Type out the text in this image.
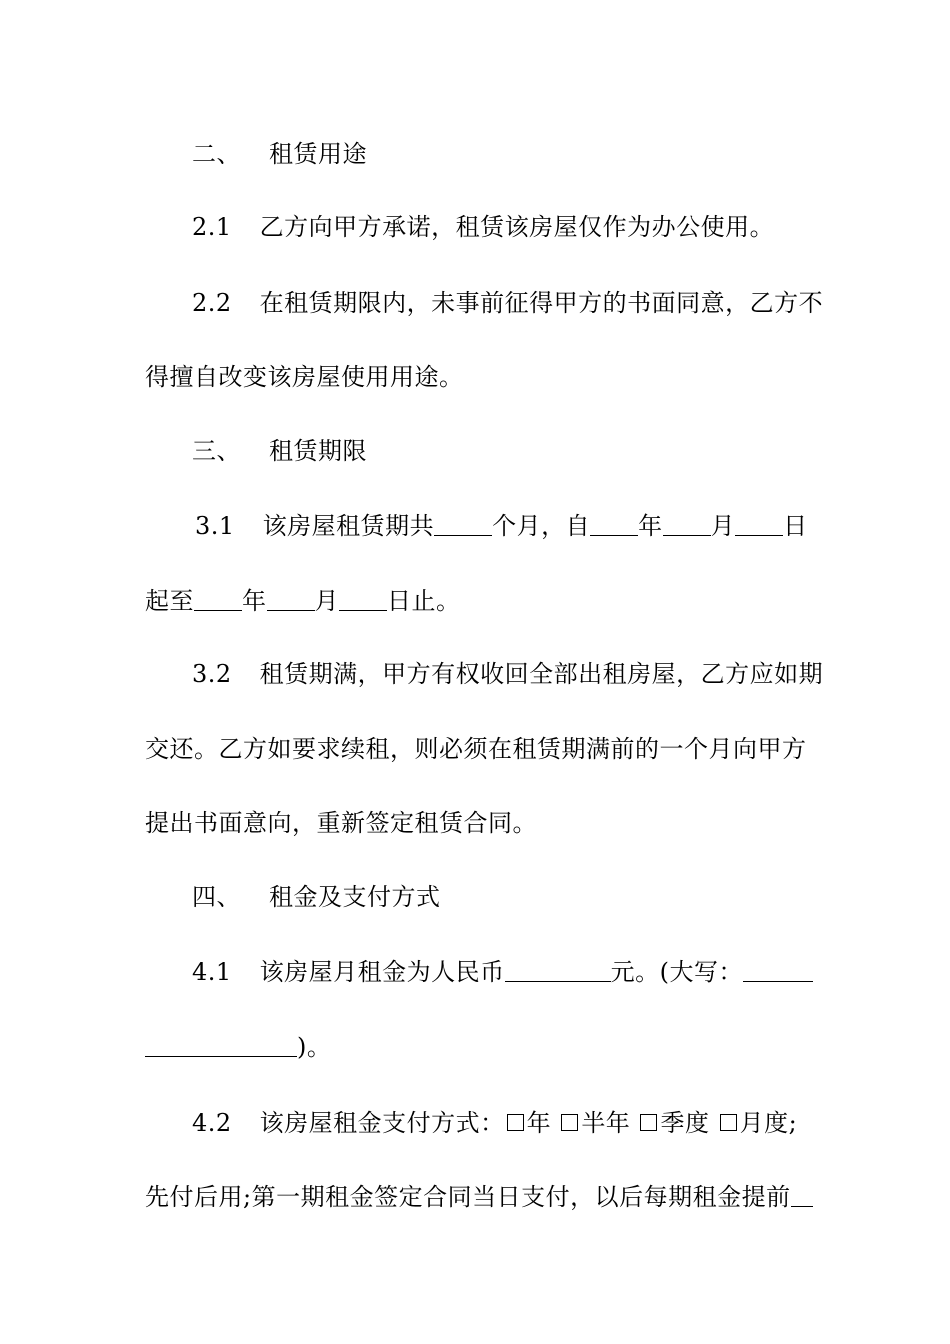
二、 租赁用途
2.1 乙方向甲方承诺，租赁该房屋仅作为办公使用。
2.2 在租赁期限内，未事前征得甲方的书面同意，乙方不
得擅自改变该房屋使用用途。
三、 租赁期限
3.1 该房屋租赁期共 个月，自 年 月 日
起至 年 月 日止。
3.2 租赁期满，甲方有权收回全部出租房屋，乙方应如期
交还。乙方如要求续租，则必须在租赁期满前的一个月向甲方
提出书面意向，重新签定租赁合同。
四、 租金及支付方式
4.1 该房屋月租金为人民币	元。(大写：
)。
4.2 该房屋租金支付方式： 年 半年 季度 月度;
先付后用;第一期租金签定合同当日支付，以后每期租金提前
